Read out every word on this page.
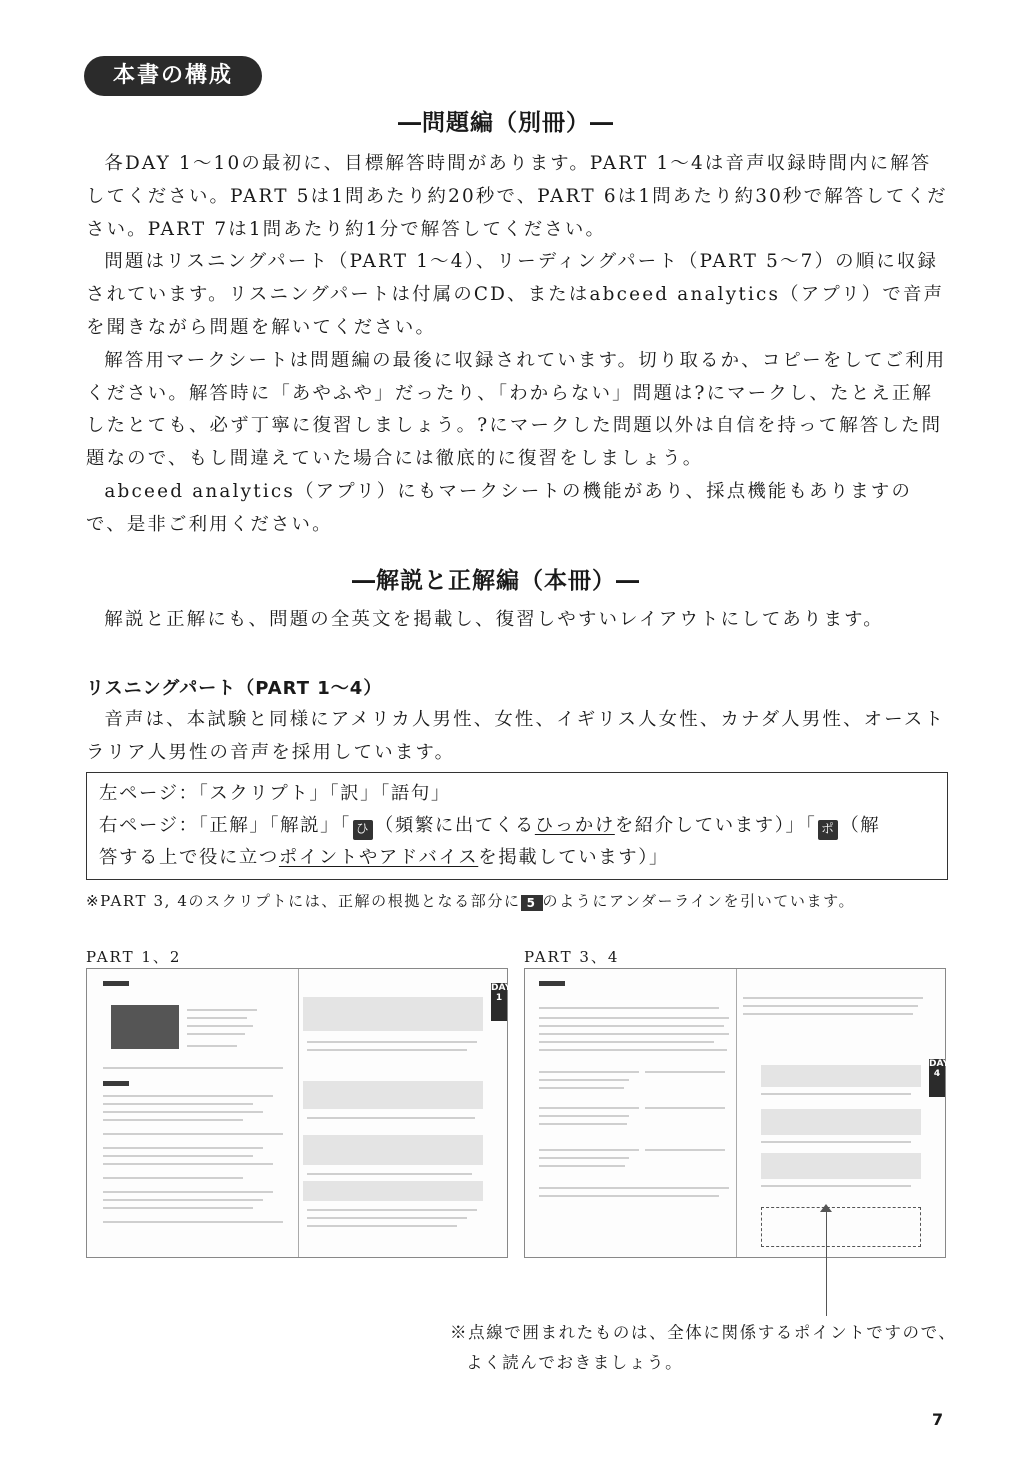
本書の構成
―問題編（別冊）―

各DAY 1～10の最初に、目標解答時間があります。PART 1～4は音声収録時間内に解答してください。PART 5は1問あたり約20秒で、PART 6は1問あたり約30秒で解答してください。PART 7は1問あたり約1分で解答してください。

問題はリスニングパート（PART 1～4）、リーディングパート（PART 5～7）の順に収録されています。リスニングパートは付属のCD、またはabceed analytics（アプリ）で音声を聞きながら問題を解いてください。

解答用マークシートは問題編の最後に収録されています。切り取るか、コピーをしてご利用ください。解答時に「あやふや」だったり、「わからない」問題は?にマークし、たとえ正解したとても、必ず丁寧に復習しましょう。?にマークした問題以外は自信を持って解答した問題なので、もし間違えていた場合には徹底的に復習をしましょう。

abceed analytics（アプリ）にもマークシートの機能があり、採点機能もありますので、是非ご利用ください。

―解説と正解編（本冊）―

解説と正解にも、問題の全英文を掲載し、復習しやすいレイアウトにしてあります。

リスニングパート（PART 1～4）

音声は、本試験と同様にアメリカ人男性、女性、イギリス人女性、カナダ人男性、オーストラリア人男性の音声を採用しています。

左ページ：「スクリプト」「訳」「語句」
右ページ：「正解」「解説」「 ひ （頻繁に出てくるひっかけを紹介しています）」「 ポ （解
答する上で役に立つポイントやアドバイスを掲載しています）」
※PART 3, 4のスクリプトには、正解の根拠となる部分に 5 のようにアンダーラインを引いています。
PART 1、2	PART 3、4
DAY 1
DAY 4
※点線で囲まれたものは、全体に関係するポイントですので、
よく読んでおきましょう。
7
